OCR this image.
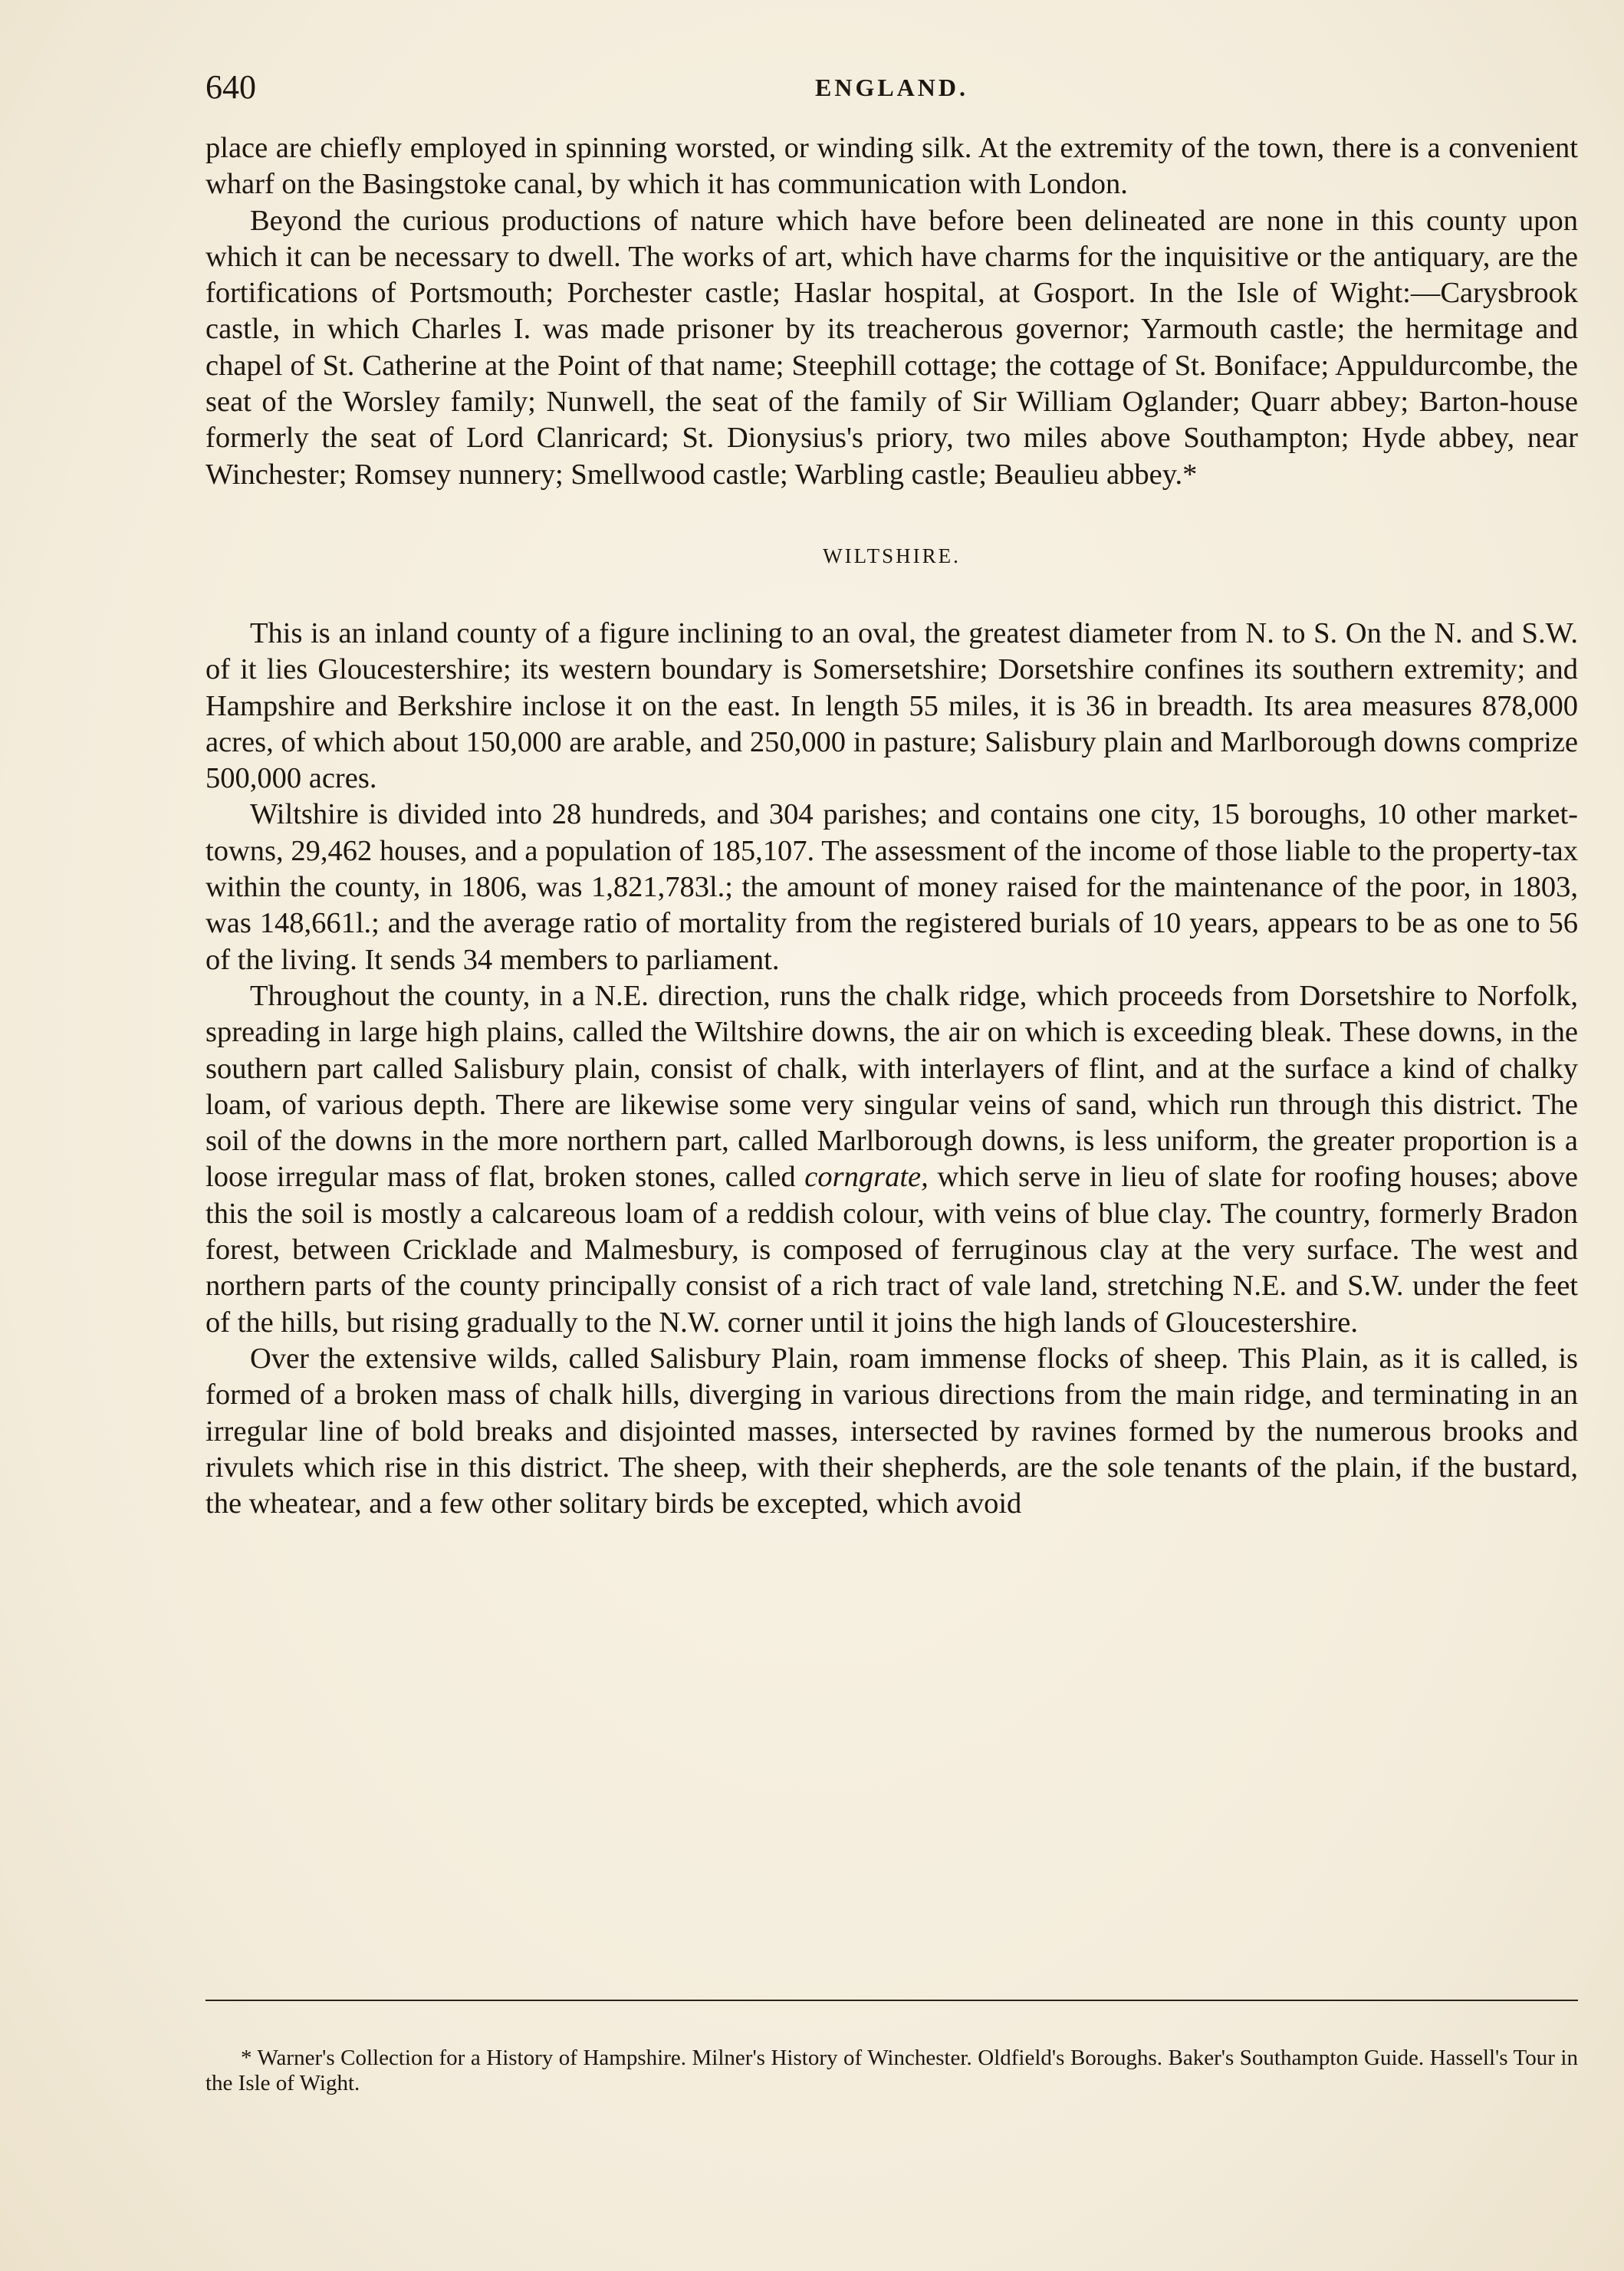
640	ENGLAND.

place are chiefly employed in spinning worsted, or winding silk. At the extremity of the town, there is a convenient wharf on the Basingstoke canal, by which it has communication with London.

Beyond the curious productions of nature which have before been delineated are none in this county upon which it can be necessary to dwell. The works of art, which have charms for the inquisitive or the antiquary, are the fortifications of Portsmouth; Porchester castle; Haslar hospital, at Gosport. In the Isle of Wight:—Carysbrook castle, in which Charles I. was made prisoner by its treacherous governor; Yarmouth castle; the hermitage and chapel of St. Catherine at the Point of that name; Steephill cottage; the cottage of St. Boniface; Appuldurcombe, the seat of the Worsley family; Nunwell, the seat of the family of Sir William Oglander; Quarr abbey; Barton-house formerly the seat of Lord Clanricard; St. Dionysius's priory, two miles above Southampton; Hyde abbey, near Winchester; Romsey nunnery; Smellwood castle; Warbling castle; Beaulieu abbey.*

WILTSHIRE.

This is an inland county of a figure inclining to an oval, the greatest diameter from N. to S. On the N. and S.W. of it lies Gloucestershire; its western boundary is Somersetshire; Dorsetshire confines its southern extremity; and Hampshire and Berkshire inclose it on the east. In length 55 miles, it is 36 in breadth. Its area measures 878,000 acres, of which about 150,000 are arable, and 250,000 in pasture; Salisbury plain and Marlborough downs comprize 500,000 acres.

Wiltshire is divided into 28 hundreds, and 304 parishes; and contains one city, 15 boroughs, 10 other market-towns, 29,462 houses, and a population of 185,107. The assessment of the income of those liable to the property-tax within the county, in 1806, was 1,821,783l.; the amount of money raised for the maintenance of the poor, in 1803, was 148,661l.; and the average ratio of mortality from the registered burials of 10 years, appears to be as one to 56 of the living. It sends 34 members to parliament.

Throughout the county, in a N.E. direction, runs the chalk ridge, which proceeds from Dorsetshire to Norfolk, spreading in large high plains, called the Wiltshire downs, the air on which is exceeding bleak. These downs, in the southern part called Salisbury plain, consist of chalk, with interlayers of flint, and at the surface a kind of chalky loam, of various depth. There are likewise some very singular veins of sand, which run through this district. The soil of the downs in the more northern part, called Marlborough downs, is less uniform, the greater proportion is a loose irregular mass of flat, broken stones, called corngrate, which serve in lieu of slate for roofing houses; above this the soil is mostly a calcareous loam of a reddish colour, with veins of blue clay. The country, formerly Bradon forest, between Cricklade and Malmesbury, is composed of ferruginous clay at the very surface. The west and northern parts of the county principally consist of a rich tract of vale land, stretching N.E. and S.W. under the feet of the hills, but rising gradually to the N.W. corner until it joins the high lands of Gloucestershire.

Over the extensive wilds, called Salisbury Plain, roam immense flocks of sheep. This Plain, as it is called, is formed of a broken mass of chalk hills, diverging in various directions from the main ridge, and terminating in an irregular line of bold breaks and disjointed masses, intersected by ravines formed by the numerous brooks and rivulets which rise in this district. The sheep, with their shepherds, are the sole tenants of the plain, if the bustard, the wheatear, and a few other solitary birds be excepted, which avoid

* Warner's Collection for a History of Hampshire. Milner's History of Winchester. Oldfield's Boroughs. Baker's Southampton Guide. Hassell's Tour in the Isle of Wight.
